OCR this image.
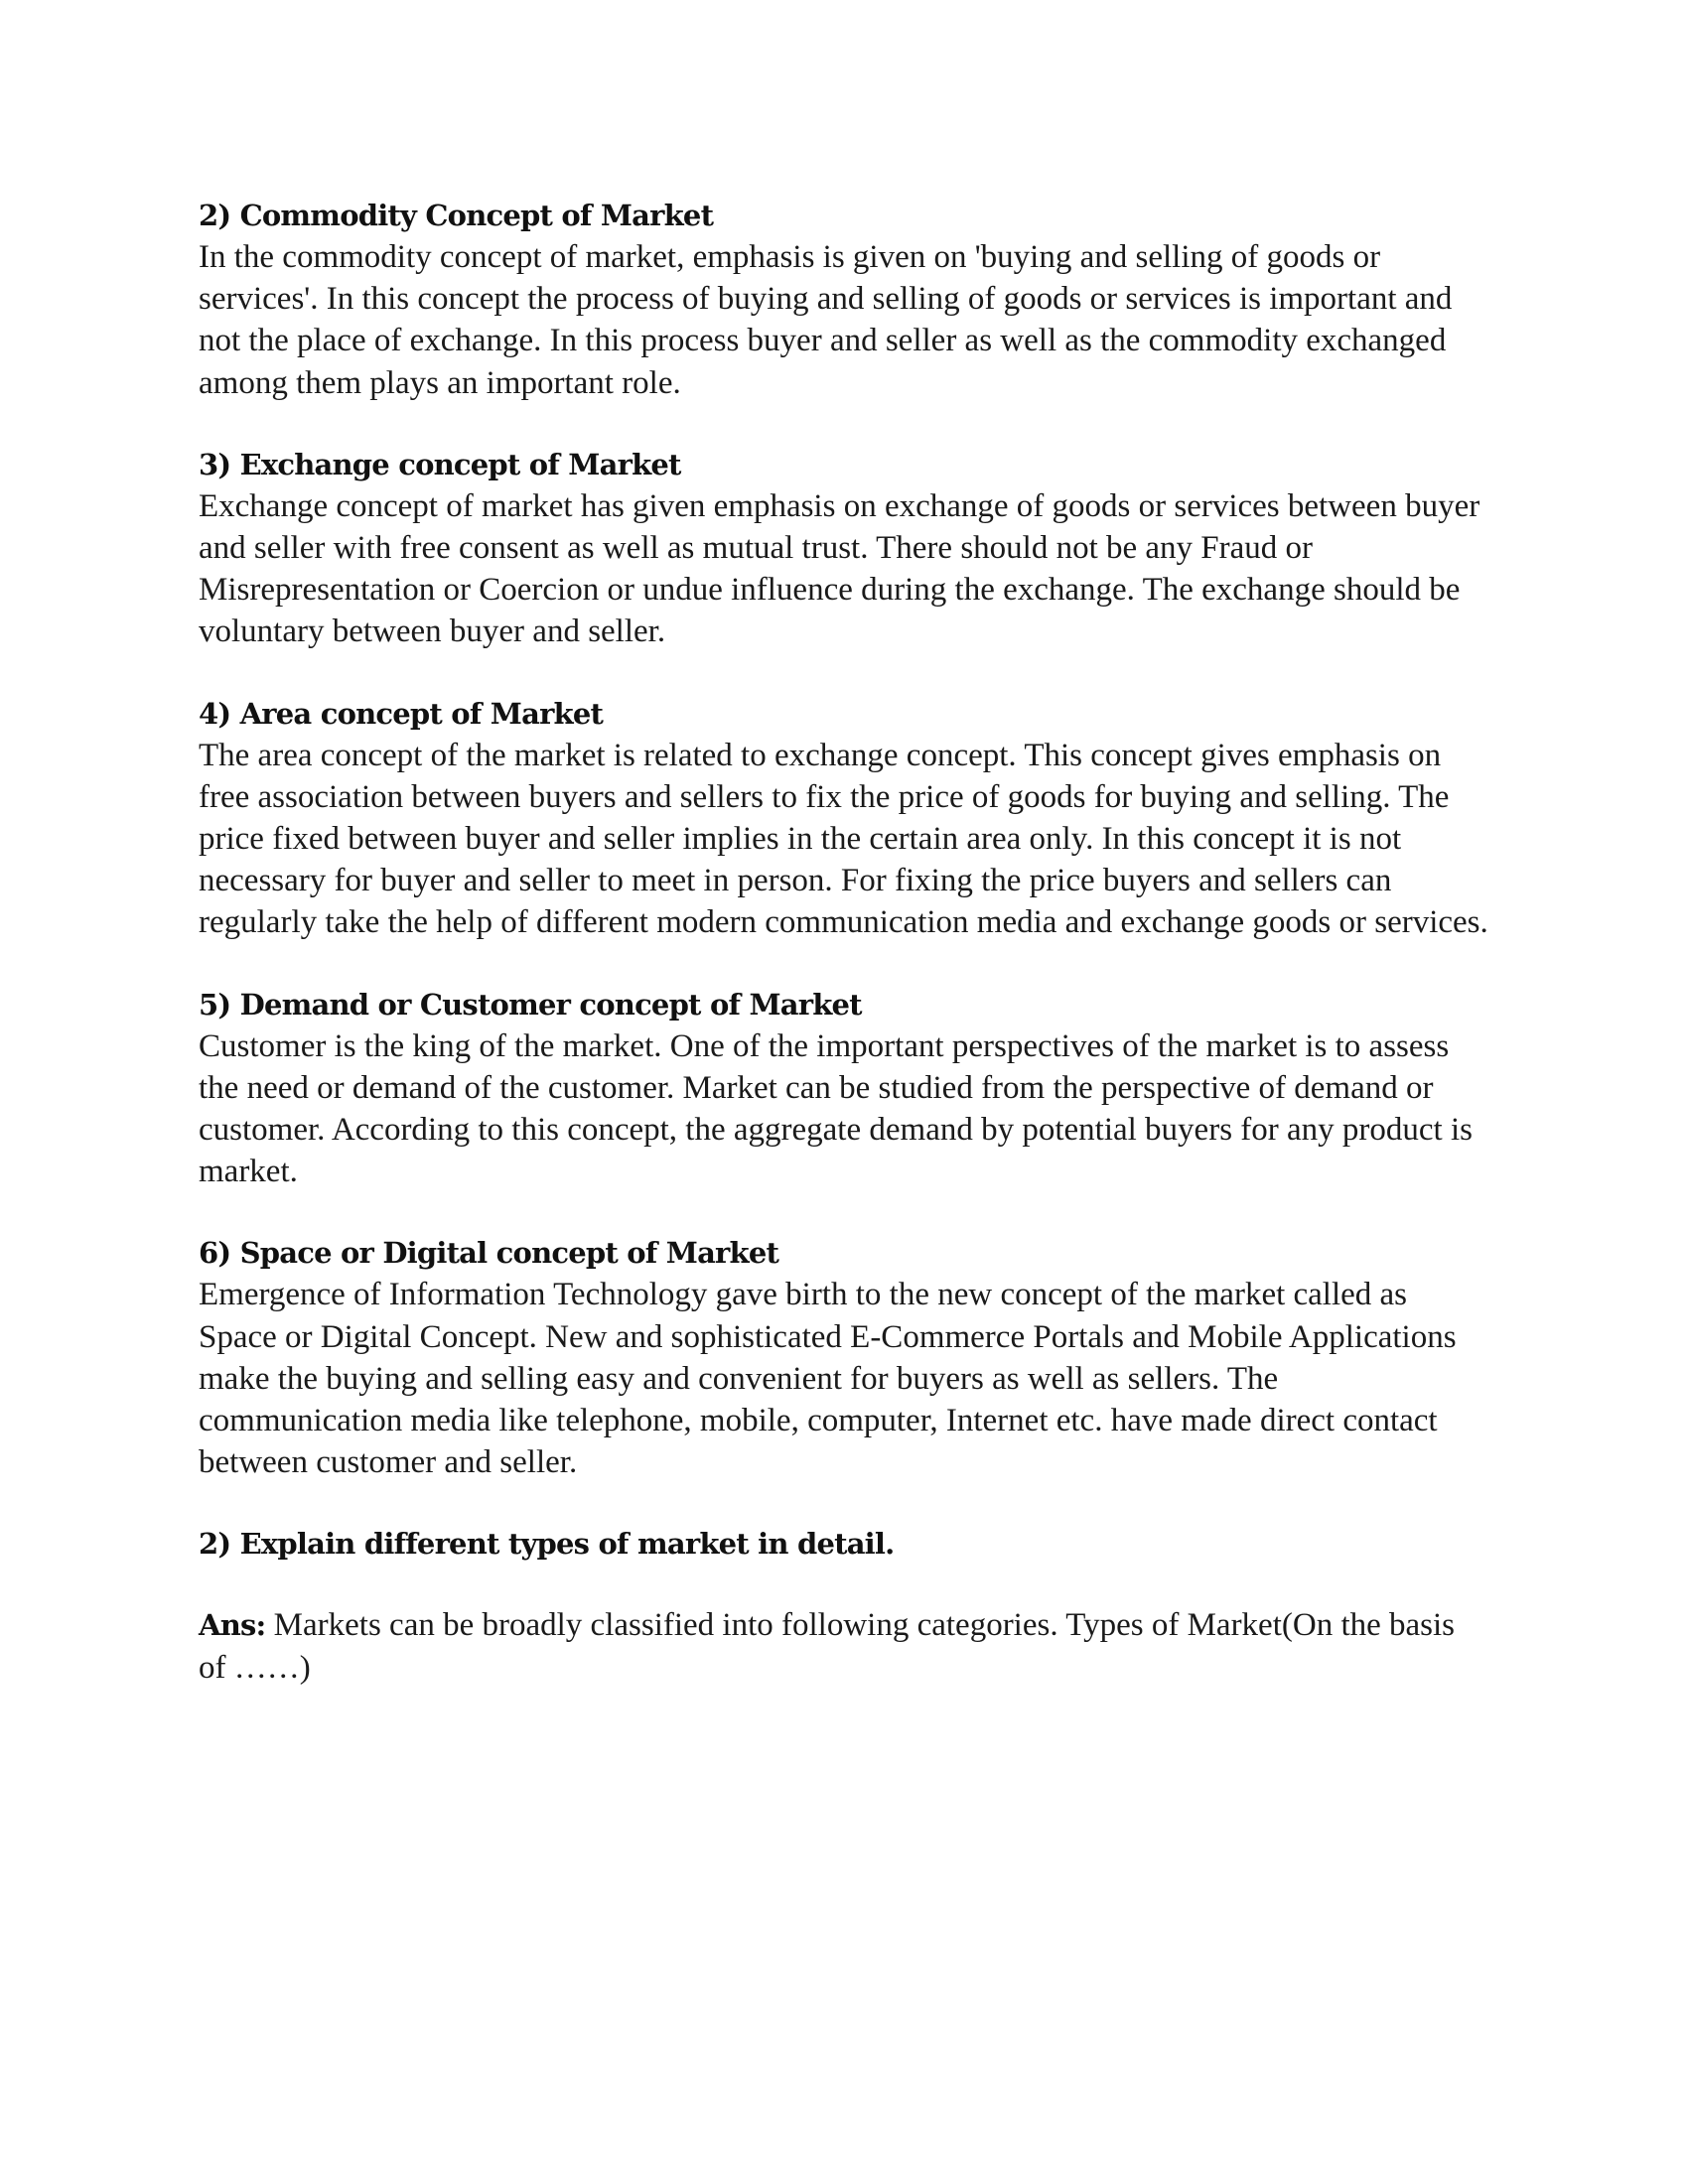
2) Commodity Concept of Market

In the commodity concept of market, emphasis is given on 'buying and selling of goods or services'. In this concept the process of buying and selling of goods or services is important and not the place of exchange. In this process buyer and seller as well as the commodity exchanged among them plays an important role.

3) Exchange concept of Market

Exchange concept of market has given emphasis on exchange of goods or services between buyer and seller with free consent as well as mutual trust. There should not be any Fraud or Misrepresentation or Coercion or undue influence during the exchange. The exchange should be voluntary between buyer and seller.

4) Area concept of Market

The area concept of the market is related to exchange concept. This concept gives emphasis on free association between buyers and sellers to fix the price of goods for buying and selling. The price fixed between buyer and seller implies in the certain area only. In this concept it is not necessary for buyer and seller to meet in person. For fixing the price buyers and sellers can regularly take the help of different modern communication media and exchange goods or services.

5) Demand or Customer concept of Market

Customer is the king of the market. One of the important perspectives of the market is to assess the need or demand of the customer. Market can be studied from the perspective of demand or customer. According to this concept, the aggregate demand by potential buyers for any product is market.

6) Space or Digital concept of Market

Emergence of Information Technology gave birth to the new concept of the market called as Space or Digital Concept. New and sophisticated E-Commerce Portals and Mobile Applications make the buying and selling easy and convenient for buyers as well as sellers. The communication media like telephone, mobile, computer, Internet etc. have made direct contact between customer and seller.

2) Explain different types of market in detail.

Ans: Markets can be broadly classified into following categories. Types of Market(On the basis of ……)
